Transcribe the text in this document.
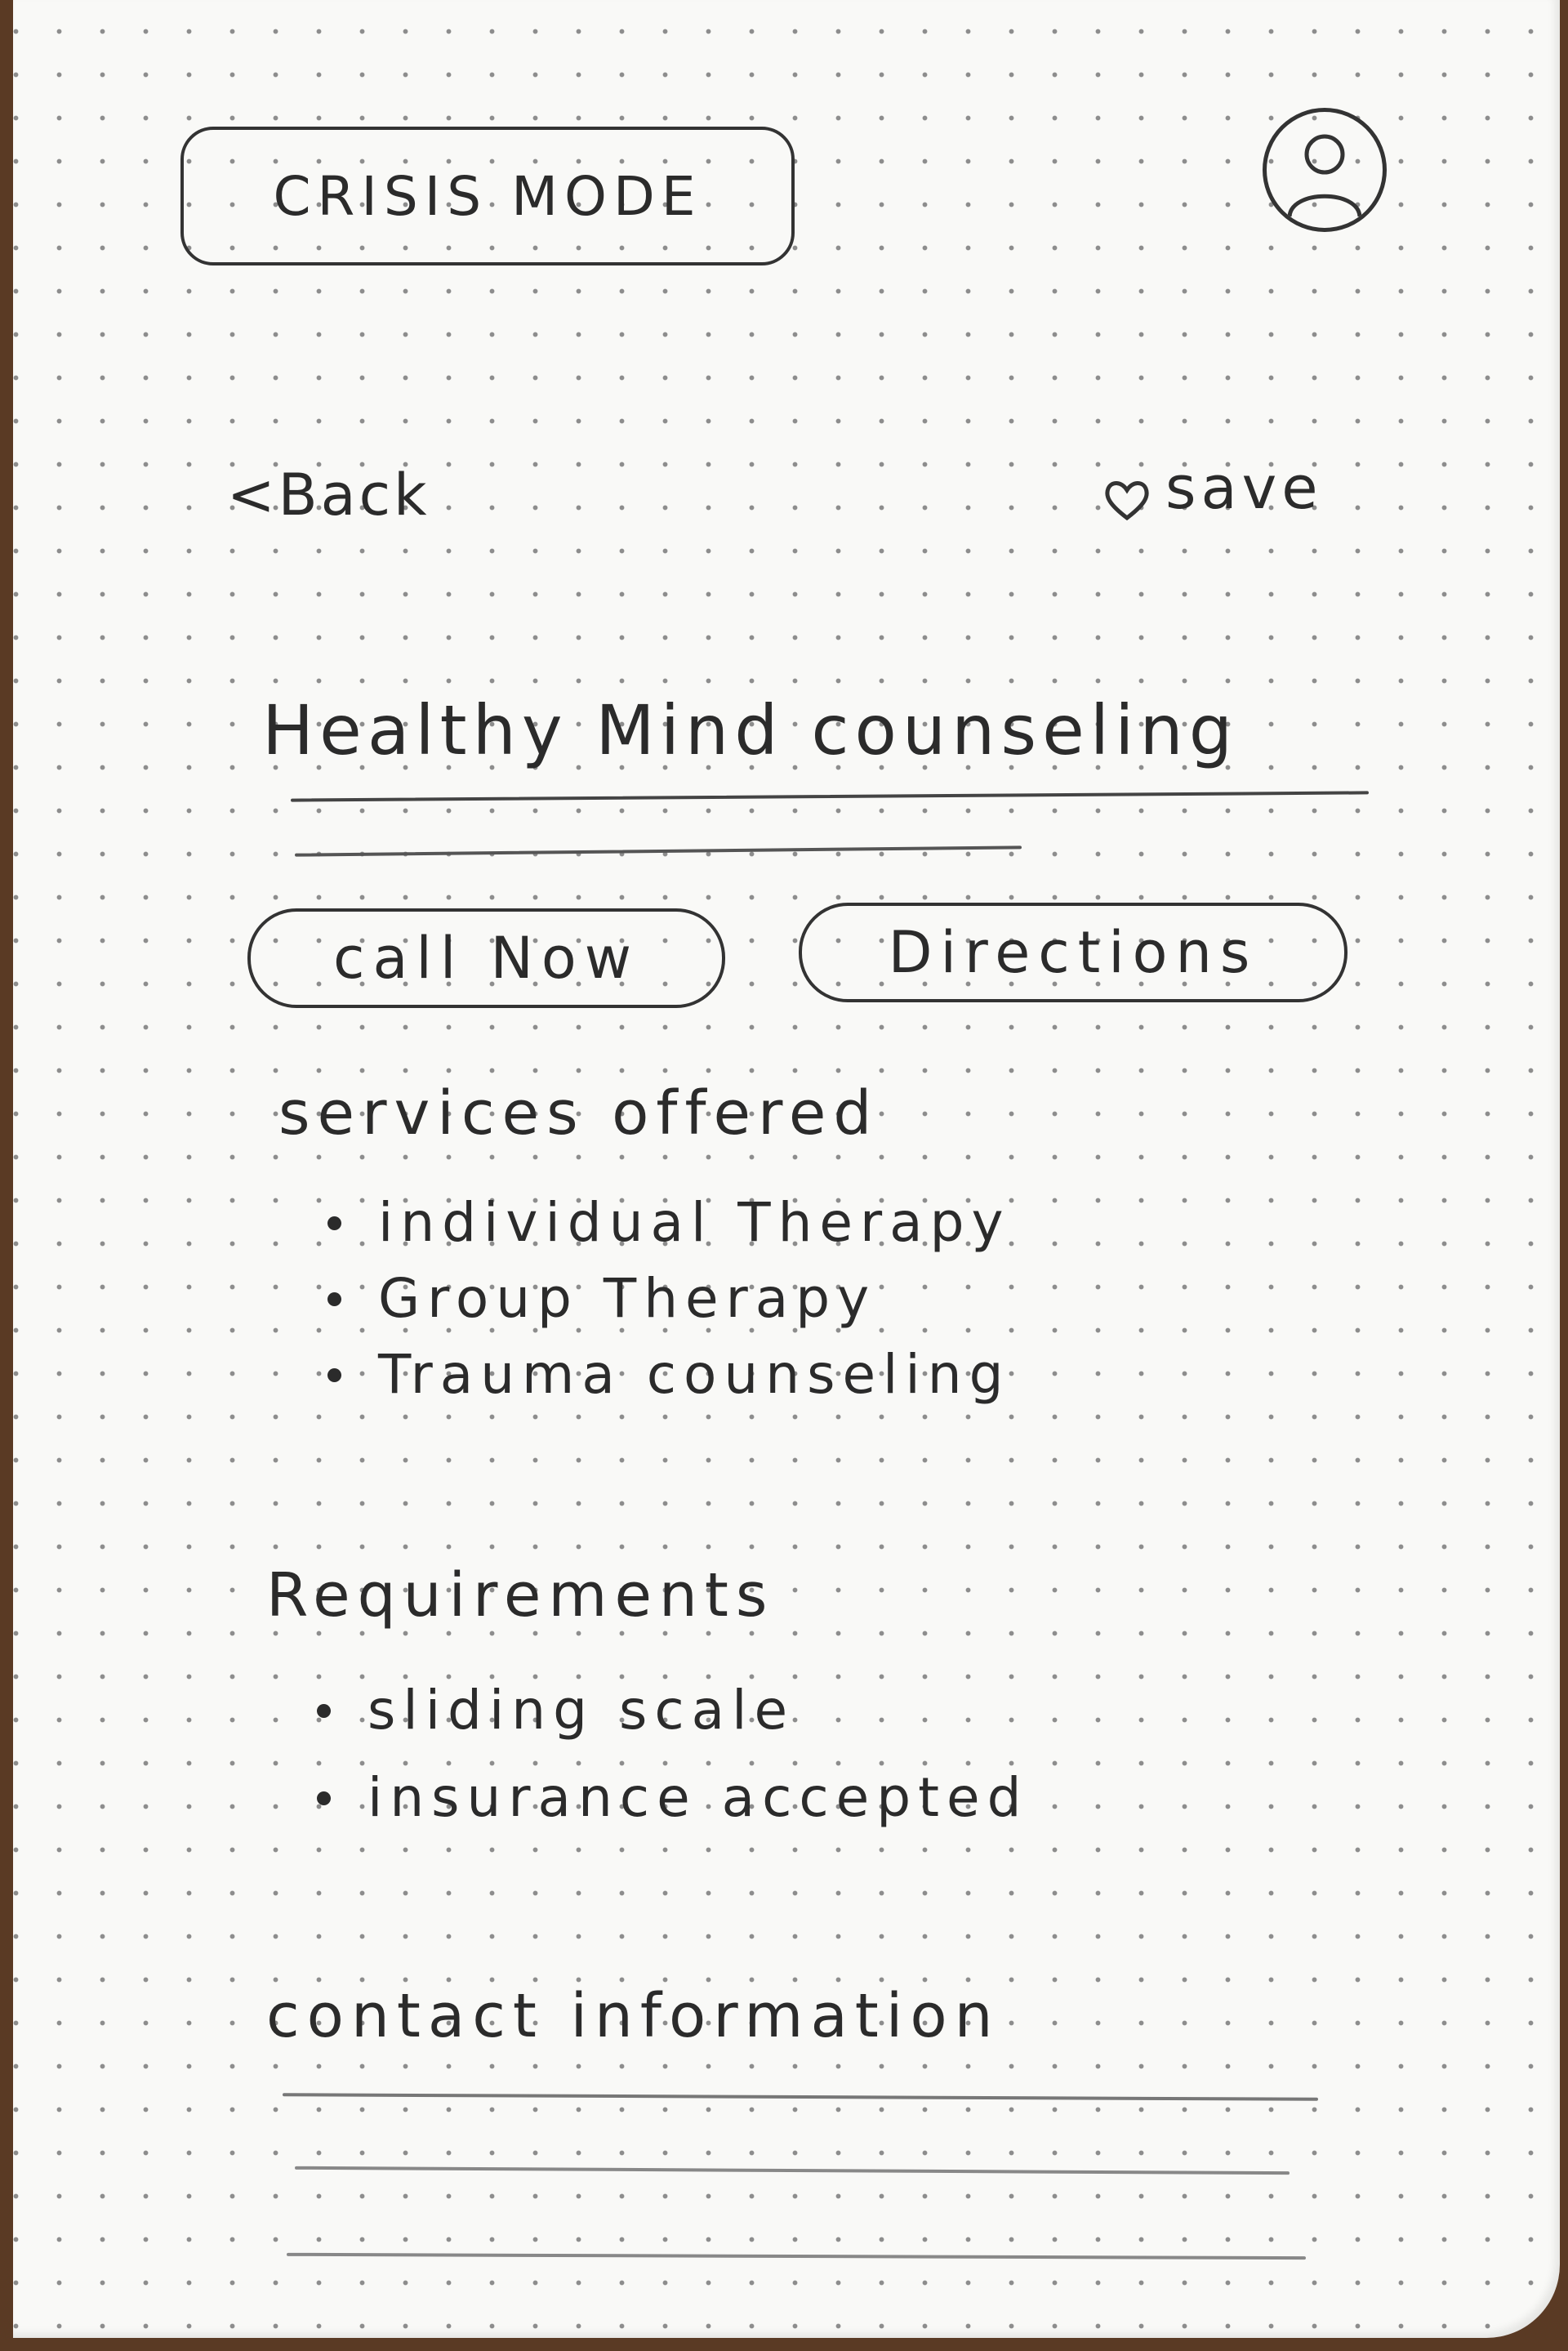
CRISIS MODE
<Back	save
Healthy Mind counseling
call Now	Directions
services offered
individual Therapy
Group Therapy
Trauma counseling
Requirements
sliding scale
insurance accepted
contact information
